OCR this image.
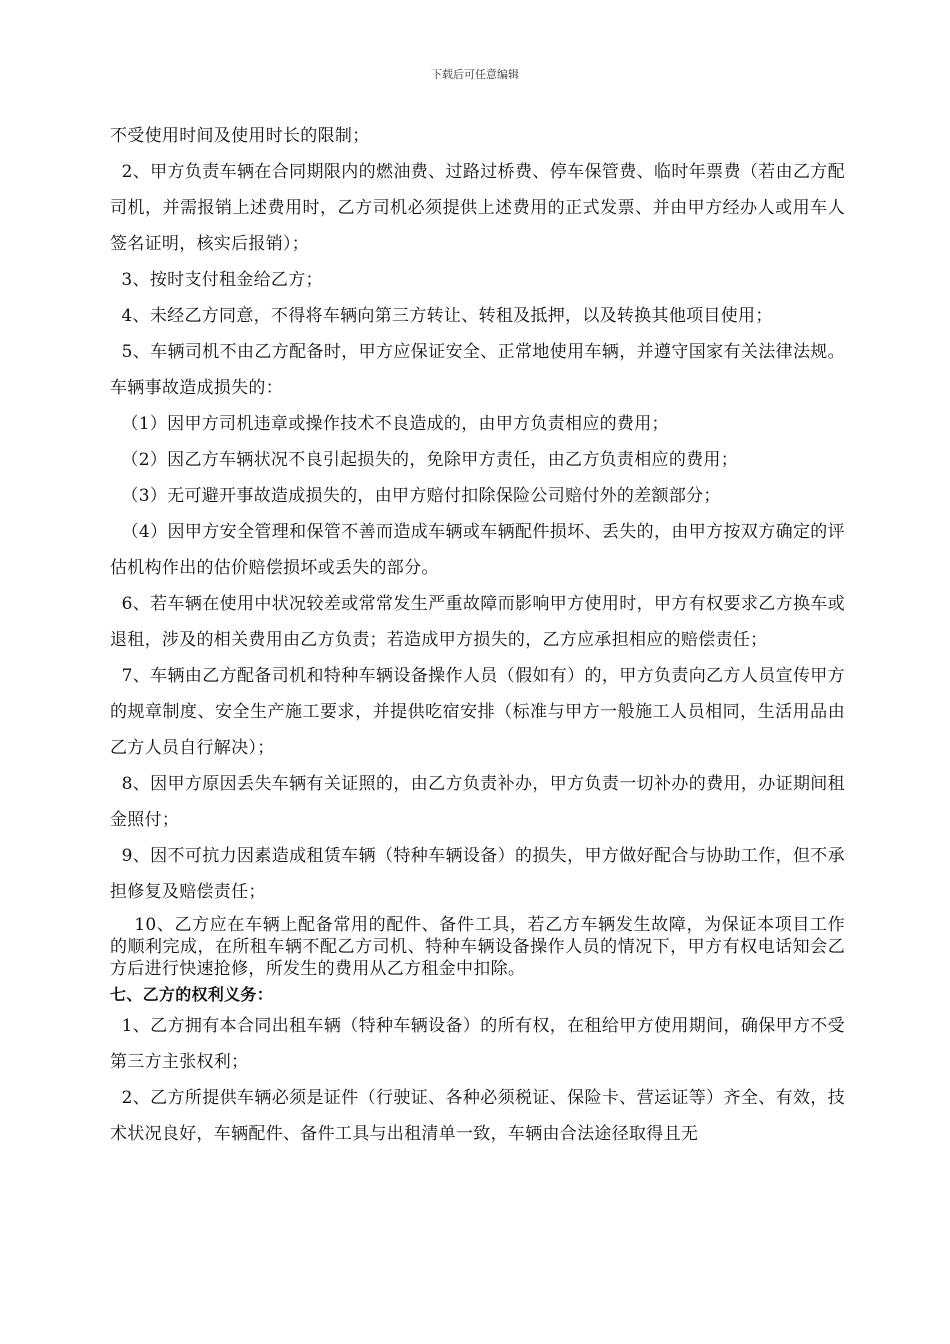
下载后可任意编辑

不受使用时间及使用时长的限制；

2、甲方负责车辆在合同期限内的燃油费、过路过桥费、停车保管费、临时年票费（若由乙方配司机，并需报销上述费用时，乙方司机必须提供上述费用的正式发票、并由甲方经办人或用车人签名证明，核实后报销）；

3、按时支付租金给乙方；

4、未经乙方同意，不得将车辆向第三方转让、转租及抵押，以及转换其他项目使用；

5、车辆司机不由乙方配备时，甲方应保证安全、正常地使用车辆，并遵守国家有关法律法规。车辆事故造成损失的：

（1）因甲方司机违章或操作技术不良造成的，由甲方负责相应的费用；

（2）因乙方车辆状况不良引起损失的，免除甲方责任，由乙方负责相应的费用；

（3）无可避开事故造成损失的，由甲方赔付扣除保险公司赔付外的差额部分；

（4）因甲方安全管理和保管不善而造成车辆或车辆配件损坏、丢失的，由甲方按双方确定的评估机构作出的估价赔偿损坏或丢失的部分。

6、若车辆在使用中状况较差或常常发生严重故障而影响甲方使用时，甲方有权要求乙方换车或退租，涉及的相关费用由乙方负责；若造成甲方损失的，乙方应承担相应的赔偿责任；

7、车辆由乙方配备司机和特种车辆设备操作人员（假如有）的，甲方负责向乙方人员宣传甲方的规章制度、安全生产施工要求，并提供吃宿安排（标准与甲方一般施工人员相同，生活用品由乙方人员自行解决）；

8、因甲方原因丢失车辆有关证照的，由乙方负责补办，甲方负责一切补办的费用，办证期间租金照付；

9、因不可抗力因素造成租赁车辆（特种车辆设备）的损失，甲方做好配合与协助工作，但不承担修复及赔偿责任；

10、乙方应在车辆上配备常用的配件、备件工具，若乙方车辆发生故障，为保证本项目工作的顺利完成，在所租车辆不配乙方司机、特种车辆设备操作人员的情况下，甲方有权电话知会乙方后进行快速抢修，所发生的费用从乙方租金中扣除。

七、乙方的权利义务：

1、乙方拥有本合同出租车辆（特种车辆设备）的所有权，在租给甲方使用期间，确保甲方不受第三方主张权利；

2、乙方所提供车辆必须是证件（行驶证、各种必须税证、保险卡、营运证等）齐全、有效，技术状况良好，车辆配件、备件工具与出租清单一致，车辆由合法途径取得且无
